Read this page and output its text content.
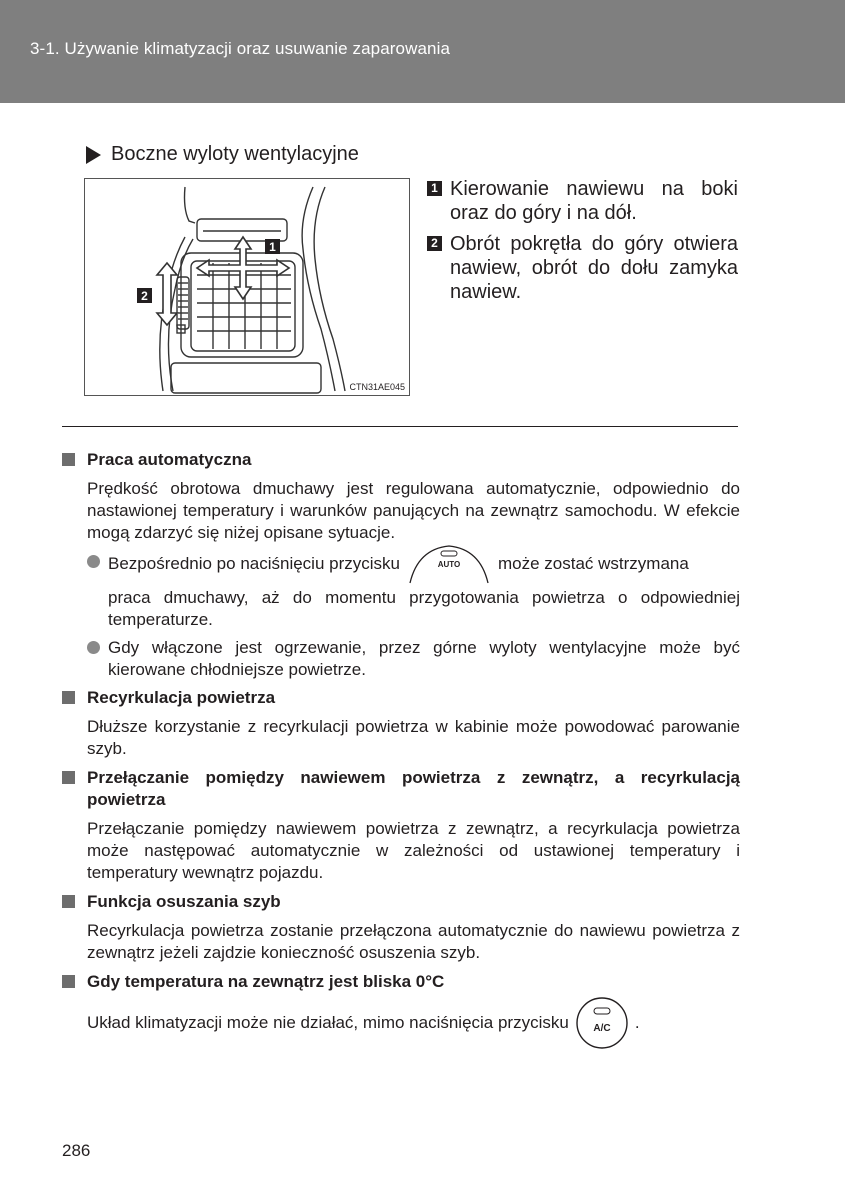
3-1. Używanie klimatyzacji oraz usuwanie zaparowania
Boczne wyloty wentylacyjne
1
2
CTN31AE045
1 Kierowanie nawiewu na boki oraz do góry i na dół.
2 Obrót pokrętła do góry otwiera nawiew, obrót do dołu zamyka nawiew.
Praca automatyczna
Prędkość obrotowa dmuchawy jest regulowana automatycznie, odpowiednio do nastawionej temperatury i warunków panujących na zewnątrz samochodu. W efekcie mogą zdarzyć się niżej opisane sytuacje.
Bezpośrednio po naciśnięciu przycisku	AUTO może zostać wstrzymana
praca dmuchawy, aż do momentu przygotowania powietrza o odpowiedniej temperaturze.
Gdy włączone jest ogrzewanie, przez górne wyloty wentylacyjne może być kierowane chłodniejsze powietrze.
Recyrkulacja powietrza
Dłuższe korzystanie z recyrkulacji powietrza w kabinie może powodować parowanie szyb.
Przełączanie pomiędzy nawiewem powietrza z zewnątrz, a recyrkulacją powietrza
Przełączanie pomiędzy nawiewem powietrza z zewnątrz, a recyrkulacja powietrza może następować automatycznie w zależności od ustawionej temperatury i temperatury wewnątrz pojazdu.
Funkcja osuszania szyb
Recyrkulacja powietrza zostanie przełączona automatycznie do nawiewu powietrza z zewnątrz jeżeli zajdzie konieczność osuszenia szyb.
Gdy temperatura na zewnątrz jest bliska 0°C
Układ klimatyzacji może nie działać, mimo naciśnięcia przycisku A/C .
286
